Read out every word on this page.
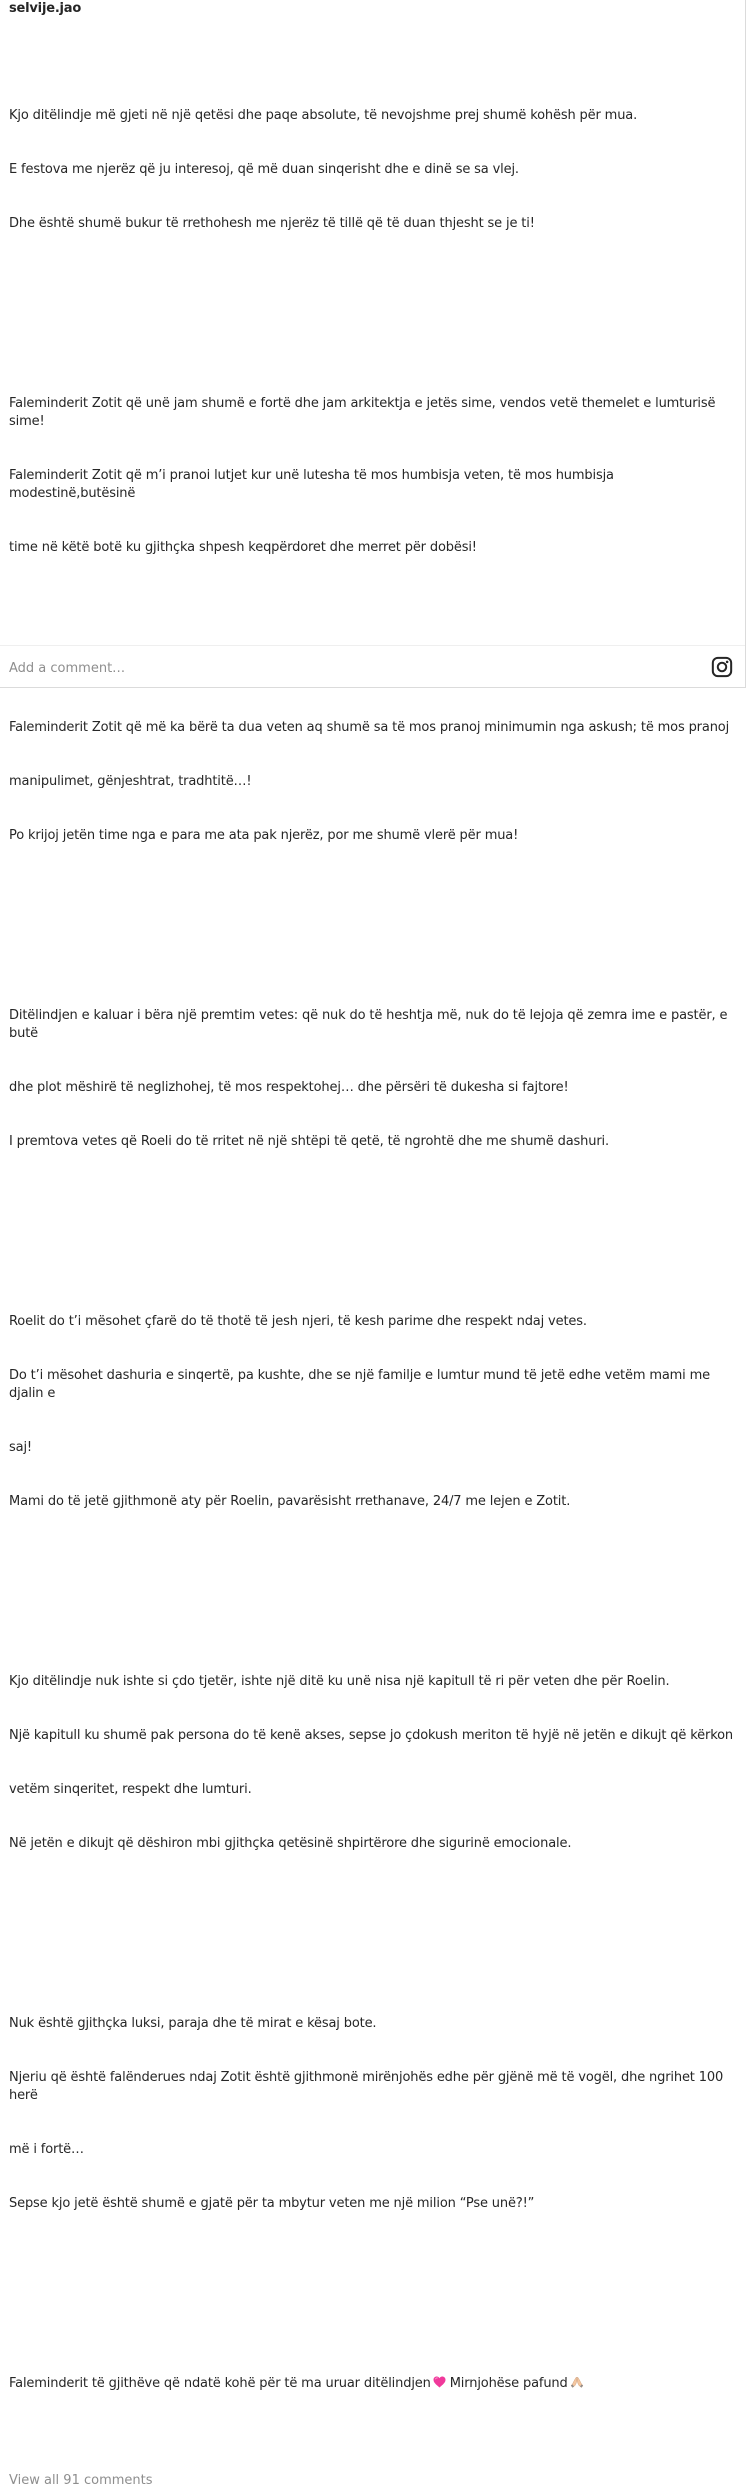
selvije.jao

Kjo ditëlindje më gjeti në një qetësi dhe paqe absolute, të nevojshme prej shumë kohësh për mua.

E festova me njerëz që ju interesoj, që më duan sinqerisht dhe e dinë se sa vlej.

Dhe është shumë bukur të rrethohesh me njerëz të tillë që të duan thjesht se je ti!

Faleminderit Zotit që unë jam shumë e fortë dhe jam arkitektja e jetës sime, vendos vetë themelet e lumturisë sime!

Faleminderit Zotit që m’i pranoi lutjet kur unë lutesha të mos humbisja veten, të mos humbisja modestinë,butësinë

time në këtë botë ku gjithçka shpesh keqpërdoret dhe merret për dobësi!

Faleminderit Zotit që më ka bërë ta dua veten aq shumë sa të mos pranoj minimumin nga askush; të mos pranoj

manipulimet, gënjeshtrat, tradhtitë…!

Po krijoj jetën time nga e para me ata pak njerëz, por me shumë vlerë për mua!

Ditëlindjen e kaluar i bëra një premtim vetes: që nuk do të heshtja më, nuk do të lejoja që zemra ime e pastër, e butë

dhe plot mëshirë të neglizhohej, të mos respektohej… dhe përsëri të dukesha si fajtore!

I premtova vetes që Roeli do të rritet në një shtëpi të qetë, të ngrohtë dhe me shumë dashuri.

Roelit do t’i mësohet çfarë do të thotë të jesh njeri, të kesh parime dhe respekt ndaj vetes.

Do t’i mësohet dashuria e sinqertë, pa kushte, dhe se një familje e lumtur mund të jetë edhe vetëm mami me djalin e

saj!

Mami do të jetë gjithmonë aty për Roelin, pavarësisht rrethanave, 24/7 me lejen e Zotit.

Kjo ditëlindje nuk ishte si çdo tjetër, ishte një ditë ku unë nisa një kapitull të ri për veten dhe për Roelin.

Një kapitull ku shumë pak persona do të kenë akses, sepse jo çdokush meriton të hyjë në jetën e dikujt që kërkon

vetëm sinqeritet, respekt dhe lumturi.

Në jetën e dikujt që dëshiron mbi gjithçka qetësinë shpirtërore dhe sigurinë emocionale.

Nuk është gjithçka luksi, paraja dhe të mirat e kësaj bote.

Njeriu që është falënderues ndaj Zotit është gjithmonë mirënjohës edhe për gjënë më të vogël, dhe ngrihet 100 herë

më i fortë…

Sepse kjo jetë është shumë e gjatë për ta mbytur veten me një milion “Pse unë?!”

Faleminderit të gjithëve që ndatë kohë për të ma uruar ditëlindjen
Mirnjohëse pafund

View all 91 comments
Add a comment…
